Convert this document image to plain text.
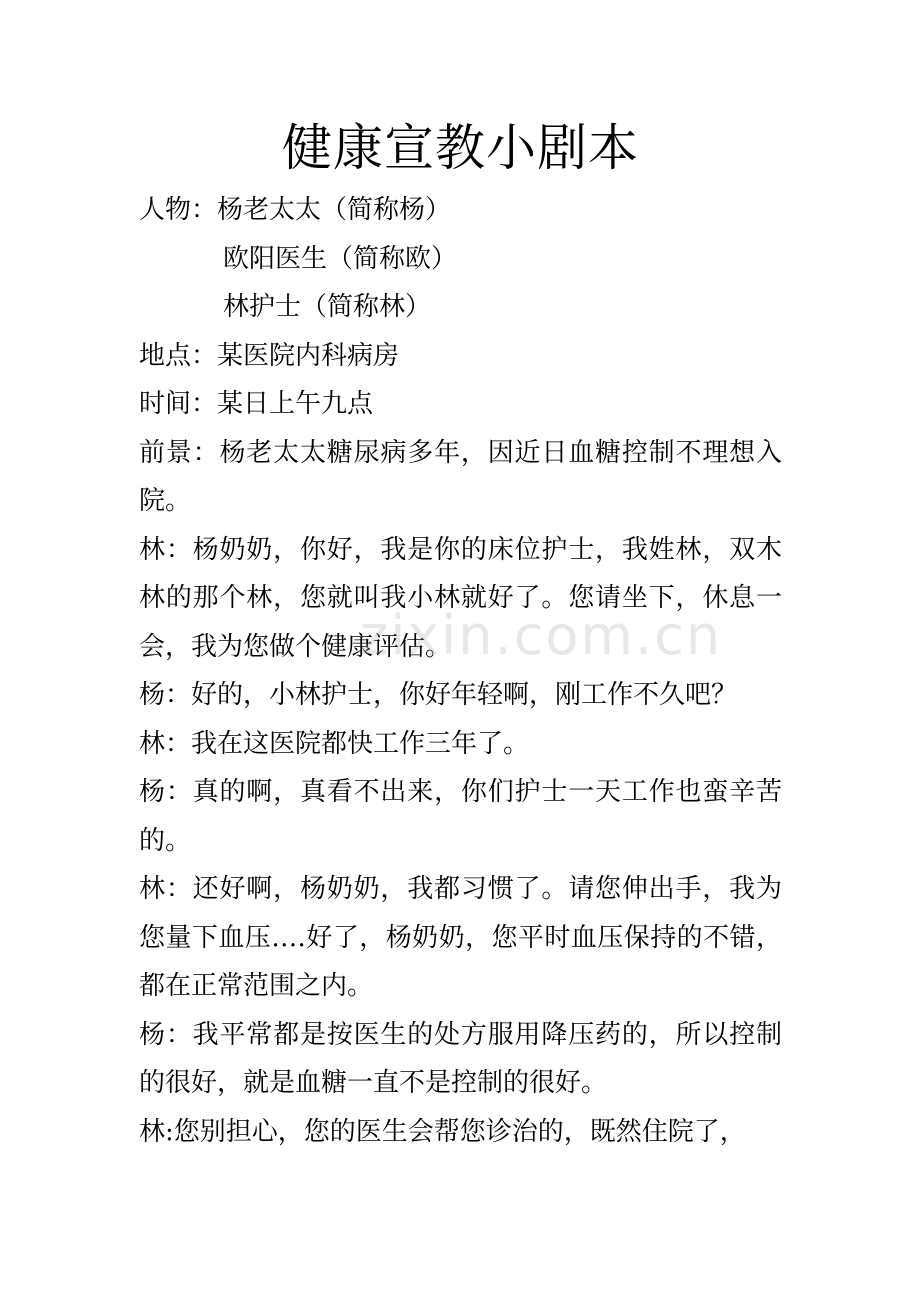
健康宣教小剧本

人物：杨老太太（简称杨）

欧阳医生（简称欧）

林护士（简称林）

地点：某医院内科病房

时间：某日上午九点

前景：杨老太太糖尿病多年，因近日血糖控制不理想入院。

林：杨奶奶，你好，我是你的床位护士，我姓林，双木林的那个林，您就叫我小林就好了。您请坐下，休息一会，我为您做个健康评估。

杨：好的，小林护士，你好年轻啊，刚工作不久吧？

林：我在这医院都快工作三年了。

杨：真的啊，真看不出来，你们护士一天工作也蛮辛苦的。

林：还好啊，杨奶奶，我都习惯了。请您伸出手，我为您量下血压‥‥好了，杨奶奶，您平时血压保持的不错，都在正常范围之内。

杨：我平常都是按医生的处方服用降压药的，所以控制的很好，就是血糖一直不是控制的很好。

林:您别担心，您的医生会帮您诊治的，既然住院了，

zixin.com.cn
